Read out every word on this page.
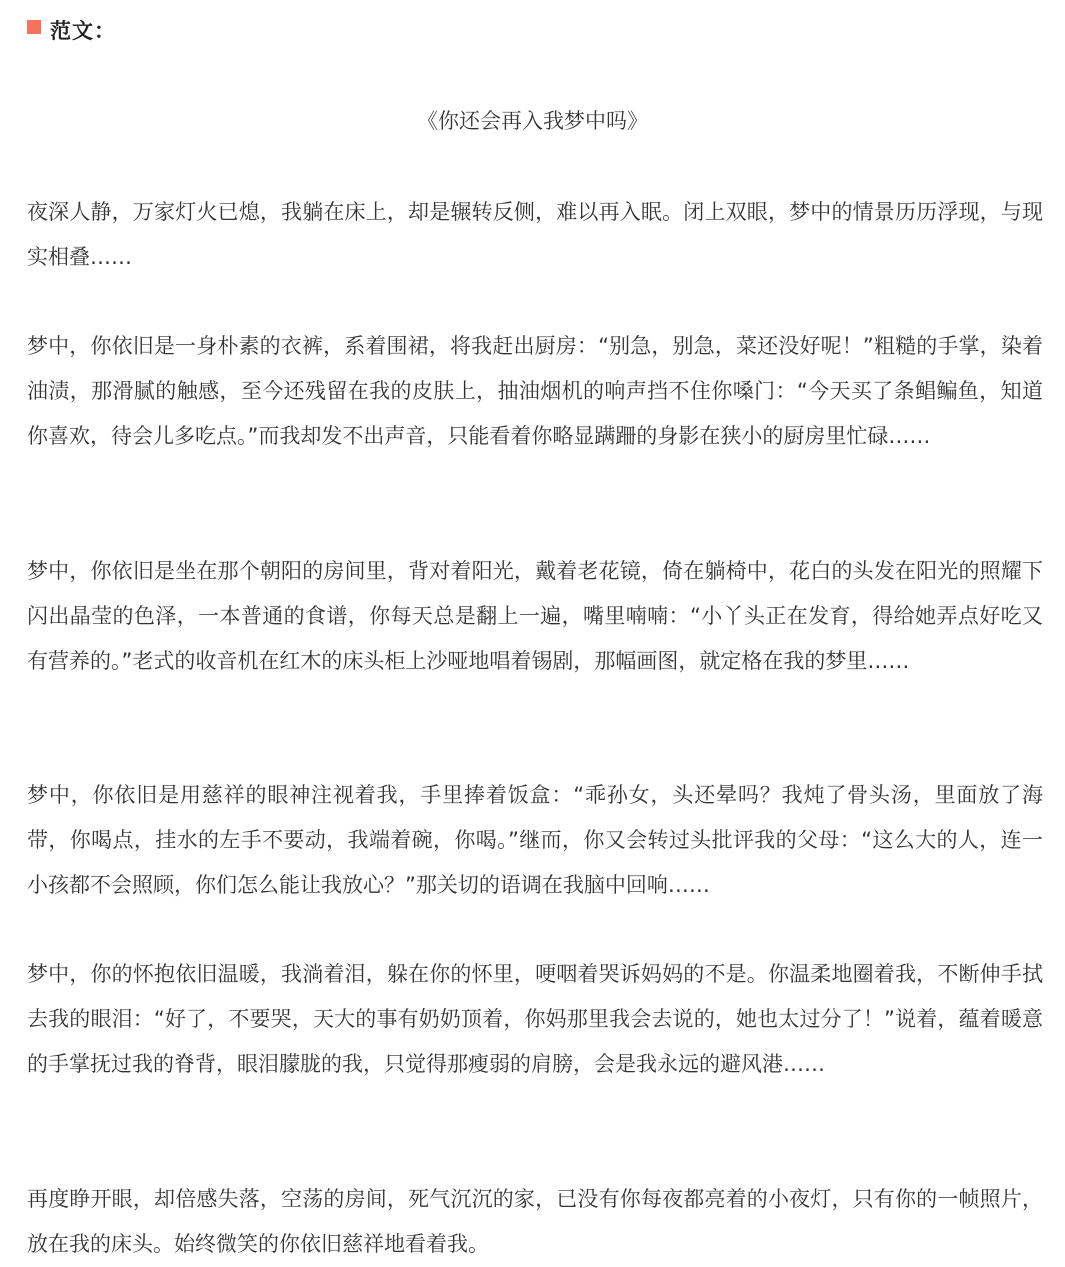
范文：
《你还会再入我梦中吗》

夜深人静，万家灯火已熄，我躺在床上，却是辗转反侧，难以再入眠。闭上双眼，梦中的情景历历浮现，与现实相叠……

梦中，你依旧是一身朴素的衣裤，系着围裙，将我赶出厨房：“别急，别急，菜还没好呢！”粗糙的手掌，染着油渍，那滑腻的触感，至今还残留在我的皮肤上，抽油烟机的响声挡不住你嗓门：“今天买了条鲳鳊鱼，知道你喜欢，待会儿多吃点。”而我却发不出声音，只能看着你略显蹒跚的身影在狭小的厨房里忙碌……

梦中，你依旧是坐在那个朝阳的房间里，背对着阳光，戴着老花镜，倚在躺椅中，花白的头发在阳光的照耀下闪出晶莹的色泽，一本普通的食谱，你每天总是翻上一遍，嘴里喃喃：“小丫头正在发育，得给她弄点好吃又有营养的。”老式的收音机在红木的床头柜上沙哑地唱着锡剧，那幅画图，就定格在我的梦里……

梦中，你依旧是用慈祥的眼神注视着我，手里捧着饭盒：“乖孙女，头还晕吗？我炖了骨头汤，里面放了海带，你喝点，挂水的左手不要动，我端着碗，你喝。”继而，你又会转过头批评我的父母：“这么大的人，连一小孩都不会照顾，你们怎么能让我放心？”那关切的语调在我脑中回响……

梦中，你的怀抱依旧温暖，我淌着泪，躲在你的怀里，哽咽着哭诉妈妈的不是。你温柔地圈着我，不断伸手拭去我的眼泪：“好了，不要哭，天大的事有奶奶顶着，你妈那里我会去说的，她也太过分了！”说着，蕴着暖意的手掌抚过我的脊背，眼泪朦胧的我，只觉得那瘦弱的肩膀，会是我永远的避风港……

再度睁开眼，却倍感失落，空荡的房间，死气沉沉的家，已没有你每夜都亮着的小夜灯，只有你的一帧照片，放在我的床头。始终微笑的你依旧慈祥地看着我。
